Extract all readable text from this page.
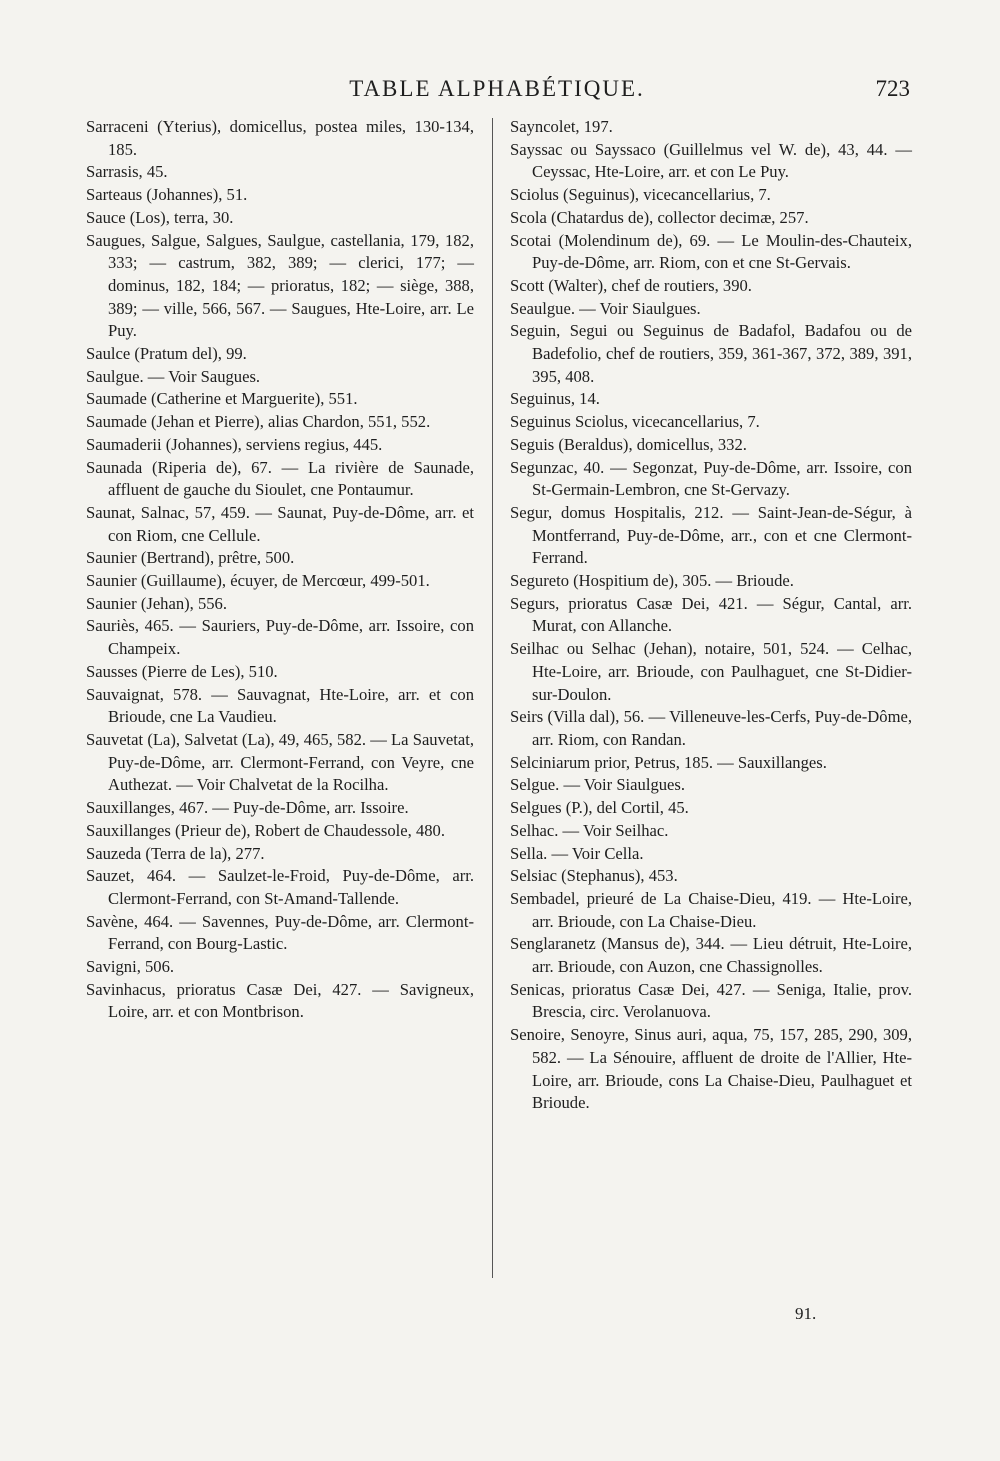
TABLE ALPHABÉTIQUE.	723

Sarraceni (Yterius), domicellus, postea miles, 130-134, 185.

Sarrasis, 45.

Sarteaus (Johannes), 51.

Sauce (Los), terra, 30.

Saugues, Salgue, Salgues, Saulgue, castellania, 179, 182, 333; — castrum, 382, 389; — clerici, 177; — dominus, 182, 184; — prioratus, 182; — siège, 388, 389; — ville, 566, 567. — Saugues, Hte-Loire, arr. Le Puy.

Saulce (Pratum del), 99.

Saulgue. — Voir Saugues.

Saumade (Catherine et Marguerite), 551.

Saumade (Jehan et Pierre), alias Chardon, 551, 552.

Saumaderii (Johannes), serviens regius, 445.

Saunada (Riperia de), 67. — La rivière de Saunade, affluent de gauche du Sioulet, cne Pontaumur.

Saunat, Salnac, 57, 459. — Saunat, Puy-de-Dôme, arr. et con Riom, cne Cellule.

Saunier (Bertrand), prêtre, 500.

Saunier (Guillaume), écuyer, de Mercœur, 499-501.

Saunier (Jehan), 556.

Sauriès, 465. — Sauriers, Puy-de-Dôme, arr. Issoire, con Champeix.

Sausses (Pierre de Les), 510.

Sauvaignat, 578. — Sauvagnat, Hte-Loire, arr. et con Brioude, cne La Vaudieu.

Sauvetat (La), Salvetat (La), 49, 465, 582. — La Sauvetat, Puy-de-Dôme, arr. Clermont-Ferrand, con Veyre, cne Authezat. — Voir Chalvetat de la Rocilha.

Sauxillanges, 467. — Puy-de-Dôme, arr. Issoire.

Sauxillanges (Prieur de), Robert de Chaudessole, 480.

Sauzeda (Terra de la), 277.

Sauzet, 464. — Saulzet-le-Froid, Puy-de-Dôme, arr. Clermont-Ferrand, con St-Amand-Tallende.

Savène, 464. — Savennes, Puy-de-Dôme, arr. Clermont-Ferrand, con Bourg-Lastic.

Savigni, 506.

Savinhacus, prioratus Casæ Dei, 427. — Savigneux, Loire, arr. et con Montbrison.

Sayncolet, 197.

Sayssac ou Sayssaco (Guillelmus vel W. de), 43, 44. — Ceyssac, Hte-Loire, arr. et con Le Puy.

Sciolus (Seguinus), vicecancellarius, 7.

Scola (Chatardus de), collector decimæ, 257.

Scotai (Molendinum de), 69. — Le Moulin-des-Chauteix, Puy-de-Dôme, arr. Riom, con et cne St-Gervais.

Scott (Walter), chef de routiers, 390.

Seaulgue. — Voir Siaulgues.

Seguin, Segui ou Seguinus de Badafol, Badafou ou de Badefolio, chef de routiers, 359, 361-367, 372, 389, 391, 395, 408.

Seguinus, 14.

Seguinus Sciolus, vicecancellarius, 7.

Seguis (Beraldus), domicellus, 332.

Segunzac, 40. — Segonzat, Puy-de-Dôme, arr. Issoire, con St-Germain-Lembron, cne St-Gervazy.

Segur, domus Hospitalis, 212. — Saint-Jean-de-Ségur, à Montferrand, Puy-de-Dôme, arr., con et cne Clermont-Ferrand.

Segureto (Hospitium de), 305. — Brioude.

Segurs, prioratus Casæ Dei, 421. — Ségur, Cantal, arr. Murat, con Allanche.

Seilhac ou Selhac (Jehan), notaire, 501, 524. — Celhac, Hte-Loire, arr. Brioude, con Paulhaguet, cne St-Didier-sur-Doulon.

Seirs (Villa dal), 56. — Villeneuve-les-Cerfs, Puy-de-Dôme, arr. Riom, con Randan.

Selciniarum prior, Petrus, 185. — Sauxillanges.

Selgue. — Voir Siaulgues.

Selgues (P.), del Cortil, 45.

Selhac. — Voir Seilhac.

Sella. — Voir Cella.

Selsiac (Stephanus), 453.

Sembadel, prieuré de La Chaise-Dieu, 419. — Hte-Loire, arr. Brioude, con La Chaise-Dieu.

Senglaranetz (Mansus de), 344. — Lieu détruit, Hte-Loire, arr. Brioude, con Auzon, cne Chassignolles.

Senicas, prioratus Casæ Dei, 427. — Seniga, Italie, prov. Brescia, circ. Verolanuova.

Senoire, Senoyre, Sinus auri, aqua, 75, 157, 285, 290, 309, 582. — La Sénouire, affluent de droite de l'Allier, Hte-Loire, arr. Brioude, cons La Chaise-Dieu, Paulhaguet et Brioude.

91.
